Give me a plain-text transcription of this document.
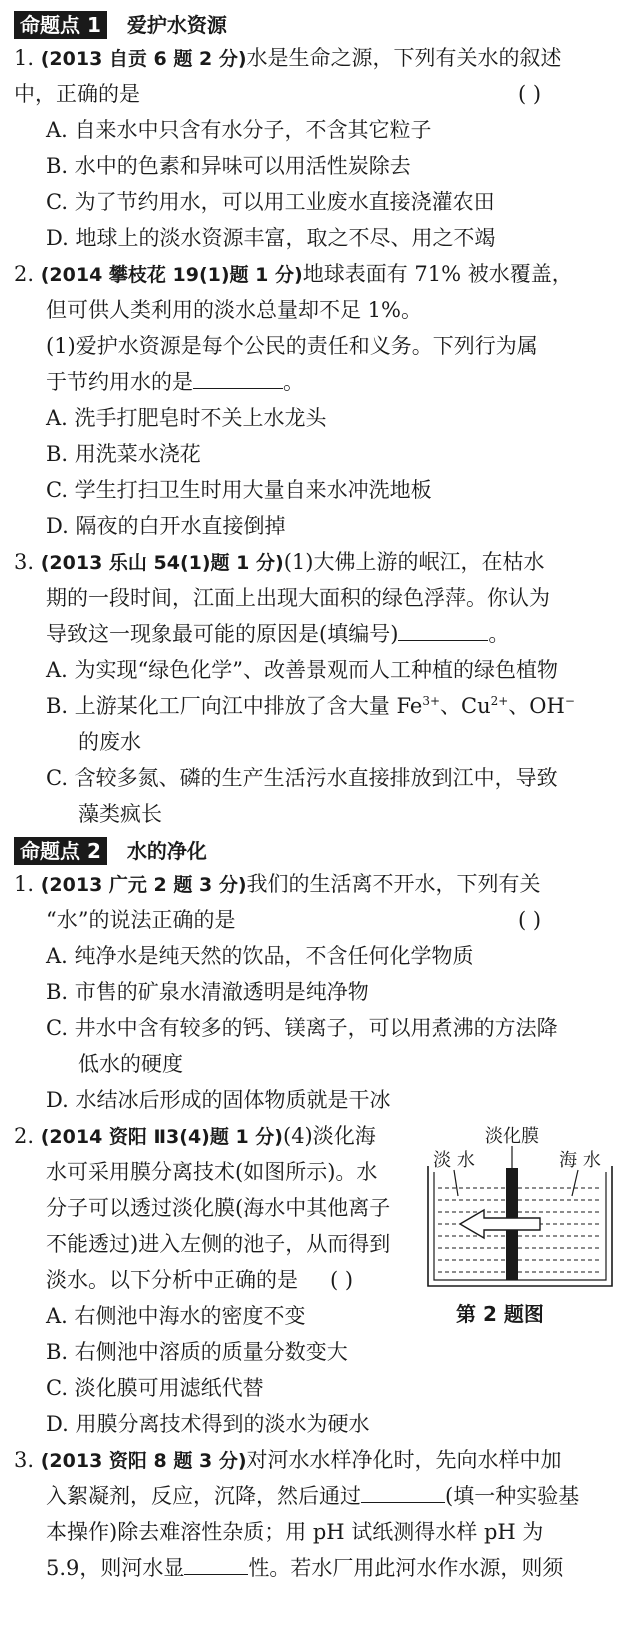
命题点 1 爱护水资源
1. (2013 自贡 6 题 2 分)水是生命之源，下列有关水的叙述
中，正确的是	( )
A. 自来水中只含有水分子，不含其它粒子
B. 水中的色素和异味可以用活性炭除去
C. 为了节约用水，可以用工业废水直接浇灌农田
D. 地球上的淡水资源丰富，取之不尽、用之不竭
2. (2014 攀枝花 19(1)题 1 分)地球表面有 71% 被水覆盖，
但可供人类利用的淡水总量却不足 1%。
(1)爱护水资源是每个公民的责任和义务。下列行为属
于节约用水的是	。
A. 洗手打肥皂时不关上水龙头
B. 用洗菜水浇花
C. 学生打扫卫生时用大量自来水冲洗地板
D. 隔夜的白开水直接倒掉
3. (2013 乐山 54(1)题 1 分)(1)大佛上游的岷江，在枯水
期的一段时间，江面上出现大面积的绿色浮萍。你认为
导致这一现象最可能的原因是(填编号)	。
A. 为实现“绿色化学”、改善景观而人工种植的绿色植物
B. 上游某化工厂向江中排放了含大量 $Fe^{3+}$、$Cu^{2+}$、OH−
的废水
C. 含较多氮、磷的生产生活污水直接排放到江中，导致
藻类疯长
命题点 2 水的净化
1. (2013 广元 2 题 3 分)我们的生活离不开水，下列有关
“水”的说法正确的是	( )
A. 纯净水是纯天然的饮品，不含任何化学物质
B. 市售的矿泉水清澈透明是纯净物
C. 井水中含有较多的钙、镁离子，可以用煮沸的方法降
低水的硬度
D. 水结冰后形成的固体物质就是干冰
2. (2014 资阳 Ⅱ3(4)题 1 分)(4)淡化海
水可采用膜分离技术(如图所示)。水
分子可以透过淡化膜(海水中其他离子
不能透过)进入左侧的池子，从而得到
淡水。以下分析中正确的是 ( )
A. 右侧池中海水的密度不变
B. 右侧池中溶质的质量分数变大
C. 淡化膜可用滤纸代替
D. 用膜分离技术得到的淡水为硬水
淡化膜
淡 水	海 水
第 2 题图
3. (2013 资阳 8 题 3 分)对河水水样净化时，先向水样中加
入絮凝剂，反应，沉降，然后通过	(填一种实验基
本操作)除去难溶性杂质；用 pH 试纸测得水样 pH 为
5.9，则河水显	性。若水厂用此河水作水源，则须
